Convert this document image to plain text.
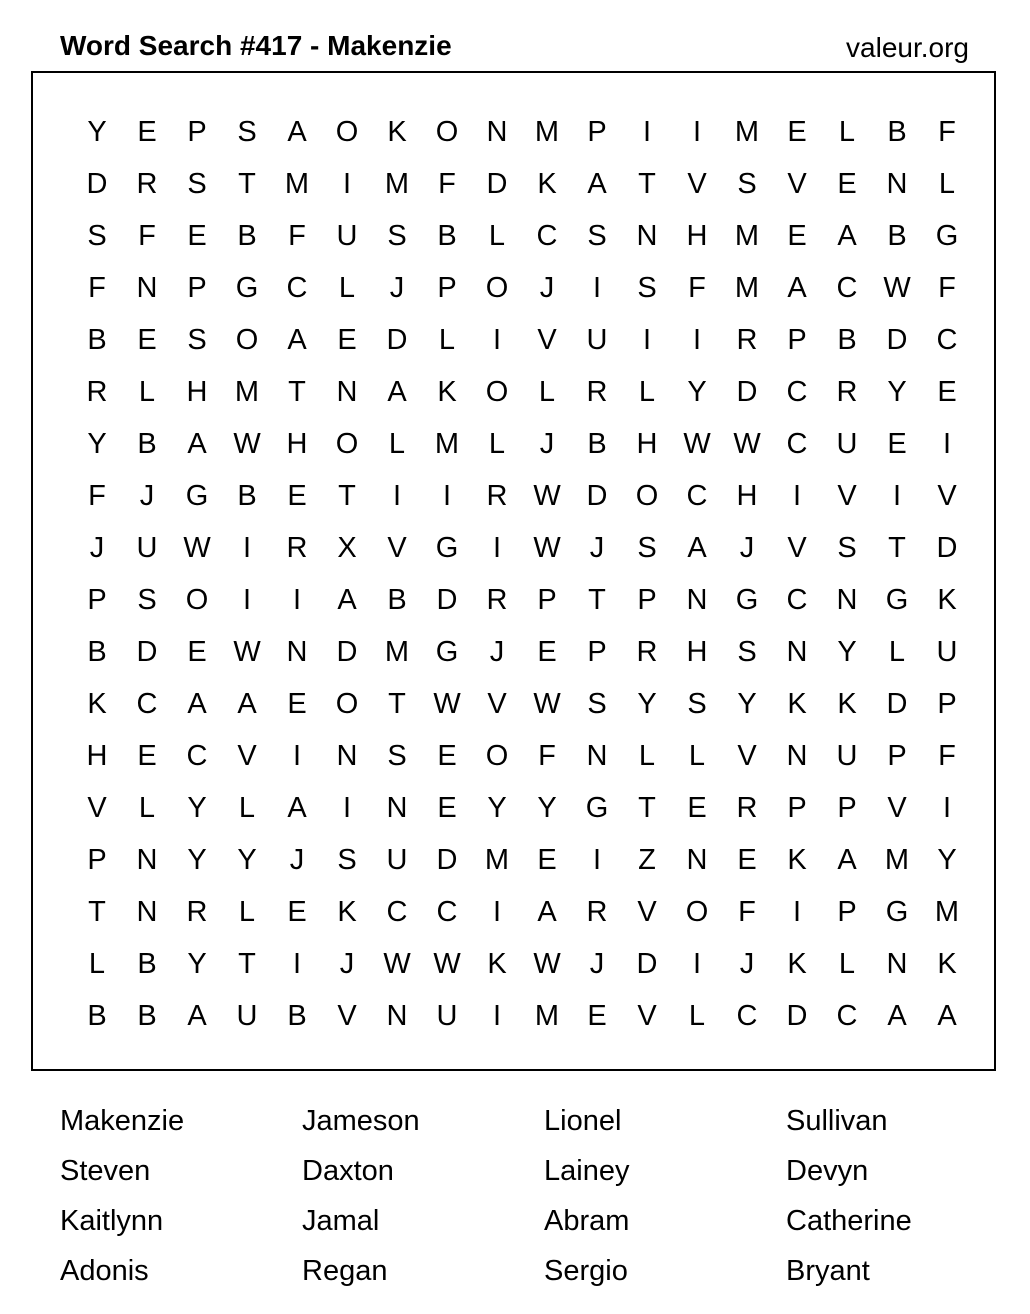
Word Search #417 - Makenzie	valeur.org
Y	E	P	S	A	O	K	O N M P	I	I	M E	L	B	F
D	R	S	T	M	I	M	F	D	K	A	T	V	S	V	E	N	L
S	F	E	B	F	U	S	B	L	C	S	N	H M E	A	B	G
F	N	P	G C	L	J	P	O	J	I	S	F	M A	C W F
B	E	S	O	A	E	D	L	I	V	U	I	I	R	P	B	D	C
R	L	H M	T	N	A	K	O	L	R	L	Y	D	C	R	Y	E
Y	B	A W H O	L	M	L	J	B	H W W C	U	E	I
F	J	G	B	E	T	I	I	R W D O C	H	I	V	I	V
J	U W	I	R	X	V	G	I	W	J	S	A	J	V	S	T	D
P	S	O	I	I	A	B	D	R	P	T	P	N G C	N G	K
B	D	E W N	D M G	J	E	P	R	H	S	N	Y	L	U
K	C	A	A	E	O	T W V W S	Y	S	Y	K	K	D	P
H	E	C	V	I	N	S	E	O	F	N	L	L	V	N	U	P	F
V	L	Y	L	A	I	N	E	Y	Y	G	T	E	R	P	P	V	I
P	N	Y	Y	J	S	U	D M E	I	Z	N	E	K	A M Y
T	N	R	L	E	K	C	C	I	A	R	V	O	F	I	P	G M
L	B	Y	T	I	J	W W K W	J	D	I	J	K	L	N	K
B	B	A	U	B	V	N	U	I	M E	V	L	C	D	C	A	A
Makenzie	Jameson	Lionel	Sullivan
Steven	Daxton	Lainey	Devyn
Kaitlynn	Jamal	Abram	Catherine
Adonis	Regan	Sergio	Bryant
